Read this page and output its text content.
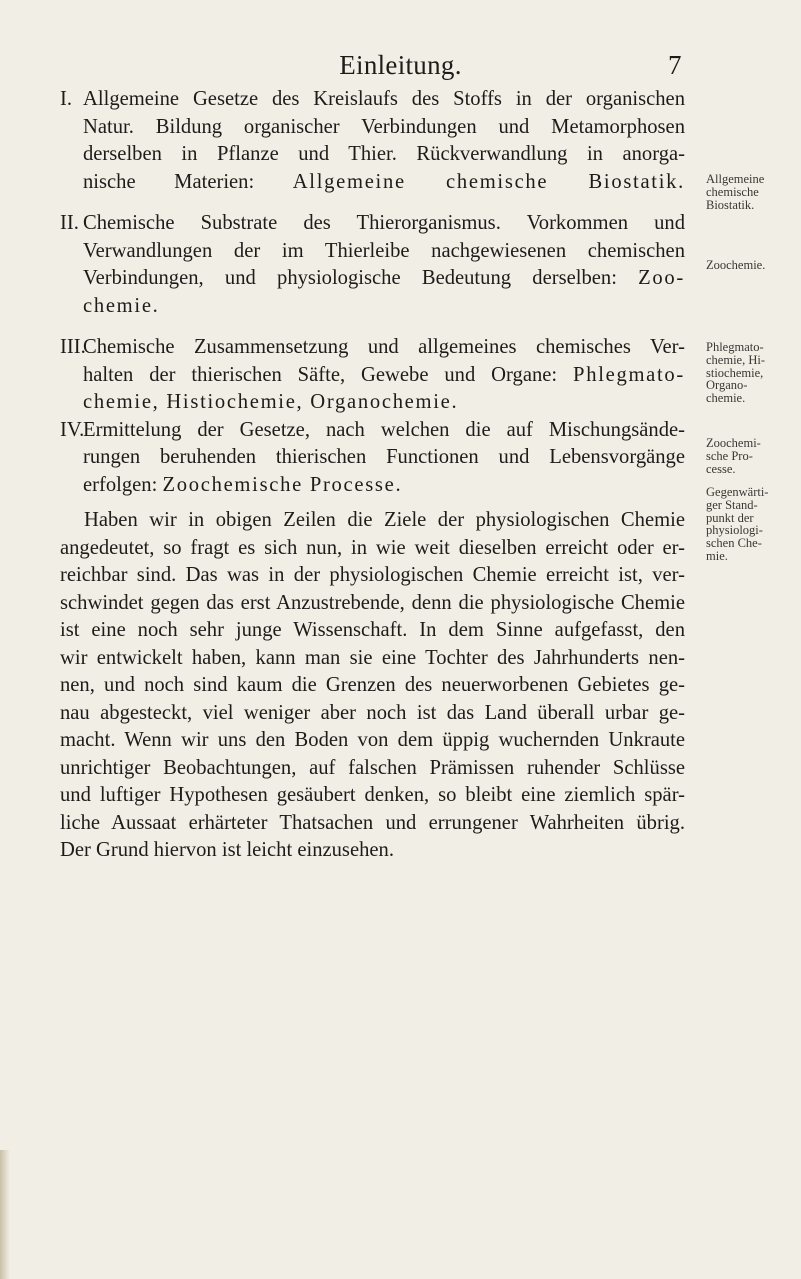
Einleitung.	7
I. Allgemeine Gesetze des Kreislaufs des Stoffs in der organischen
Natur. Bildung organischer Verbindungen und Metamorphosen
derselben in Pflanze und Thier. Rückverwandlung in anorga-
nische Materien: Allgemeine chemische Biostatik.
II. Chemische Substrate des Thierorganismus. Vorkommen und
Verwandlungen der im Thierleibe nachgewiesenen chemischen
Verbindungen, und physiologische Bedeutung derselben: Zoo-
chemie.
III.
Chemische Zusammensetzung und allgemeines chemisches Ver-
halten der thierischen Säfte, Gewebe und Organe: Phlegmato-
chemie, Histiochemie, Organochemie.
IV.
Ermittelung der Gesetze, nach welchen die auf Mischungsände-
rungen beruhenden thierischen Functionen und Lebensvorgänge
erfolgen: Zoochemische Processe.
Haben wir in obigen Zeilen die Ziele der physiologischen Chemie
angedeutet, so fragt es sich nun, in wie weit dieselben erreicht oder er-
reichbar sind. Das was in der physiologischen Chemie erreicht ist, ver-
schwindet gegen das erst Anzustrebende, denn die physiologische Chemie
ist eine noch sehr junge Wissenschaft. In dem Sinne aufgefasst, den
wir entwickelt haben, kann man sie eine Tochter des Jahrhunderts nen-
nen, und noch sind kaum die Grenzen des neuerworbenen Gebietes ge-
nau abgesteckt, viel weniger aber noch ist das Land überall urbar ge-
macht. Wenn wir uns den Boden von dem üppig wuchernden Unkraute
unrichtiger Beobachtungen, auf falschen Prämissen ruhender Schlüsse
und luftiger Hypothesen gesäubert denken, so bleibt eine ziemlich spär-
liche Aussaat erhärteter Thatsachen und errungener Wahrheiten übrig.
Der Grund hiervon ist leicht einzusehen.
Allgemeine
chemische
Biostatik.
Zoochemie.
Phlegmato-
chemie, Hi-
stiochemie,
Organo-
chemie.
Zoochemi-
sche Pro-
cesse.
Gegenwärti-
ger Stand-
punkt der
physiologi-
schen Che-
mie.
